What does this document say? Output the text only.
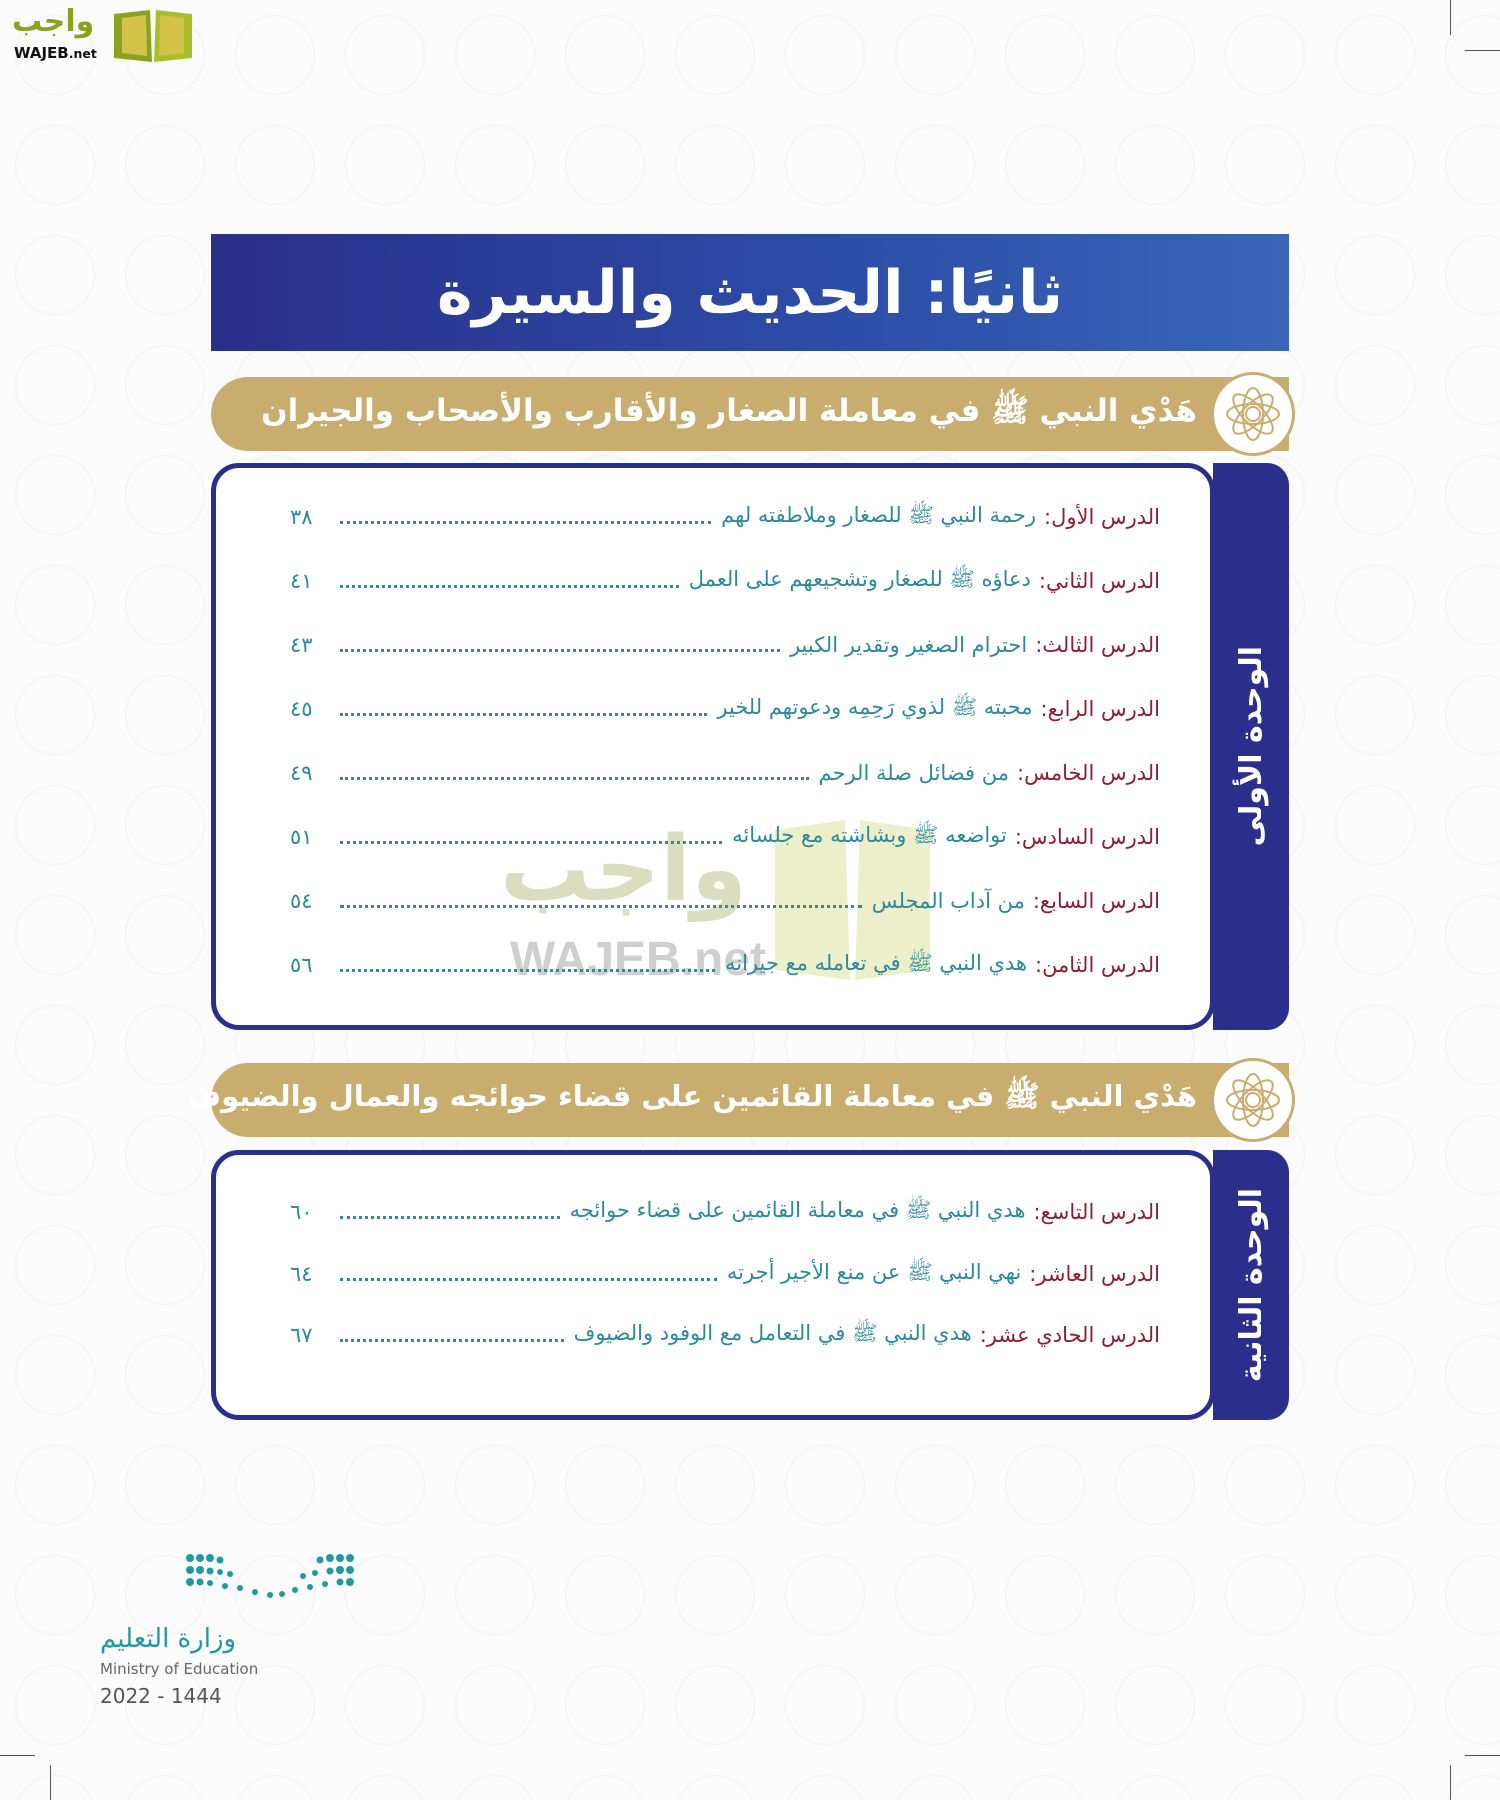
واجب
WAJEB.net
ثانيًا: الحديث والسيرة
هَدْي النبي ﷺ في معاملة الصغار والأقارب والأصحاب والجيران
الوحدة الأولى
واجب
WAJEB.net
الدرس الأول:
رحمة النبي ﷺ للصغار وملاطفته لهم
٣٨
الدرس الثاني:
دعاؤه ﷺ للصغار وتشجيعهم على العمل
٤١
الدرس الثالث:
احترام الصغير وتقدير الكبير
٤٣
الدرس الرابع:
محبته ﷺ لذوي رَحِمِه ودعوتهم للخير
٤٥
الدرس الخامس:
من فضائل صلة الرحم
٤٩
الدرس السادس:
تواضعه ﷺ وبشاشته مع جلسائه
٥١
الدرس السابع:
من آداب المجلس
٥٤
الدرس الثامن:
هدي النبي ﷺ في تعامله مع جيرانه
٥٦
هَدْي النبي ﷺ في معاملة القائمين على قضاء حوائجه والعمال والضيوف
الوحدة الثانية
الدرس التاسع:
هدي النبي ﷺ في معاملة القائمين على قضاء حوائجه
٦٠
الدرس العاشر:
نهي النبي ﷺ عن منع الأجير أجرته
٦٤
الدرس الحادي عشر:
هدي النبي ﷺ في التعامل مع الوفود والضيوف
٦٧
وزارة التعليم
Ministry of Education
2022 - 1444
